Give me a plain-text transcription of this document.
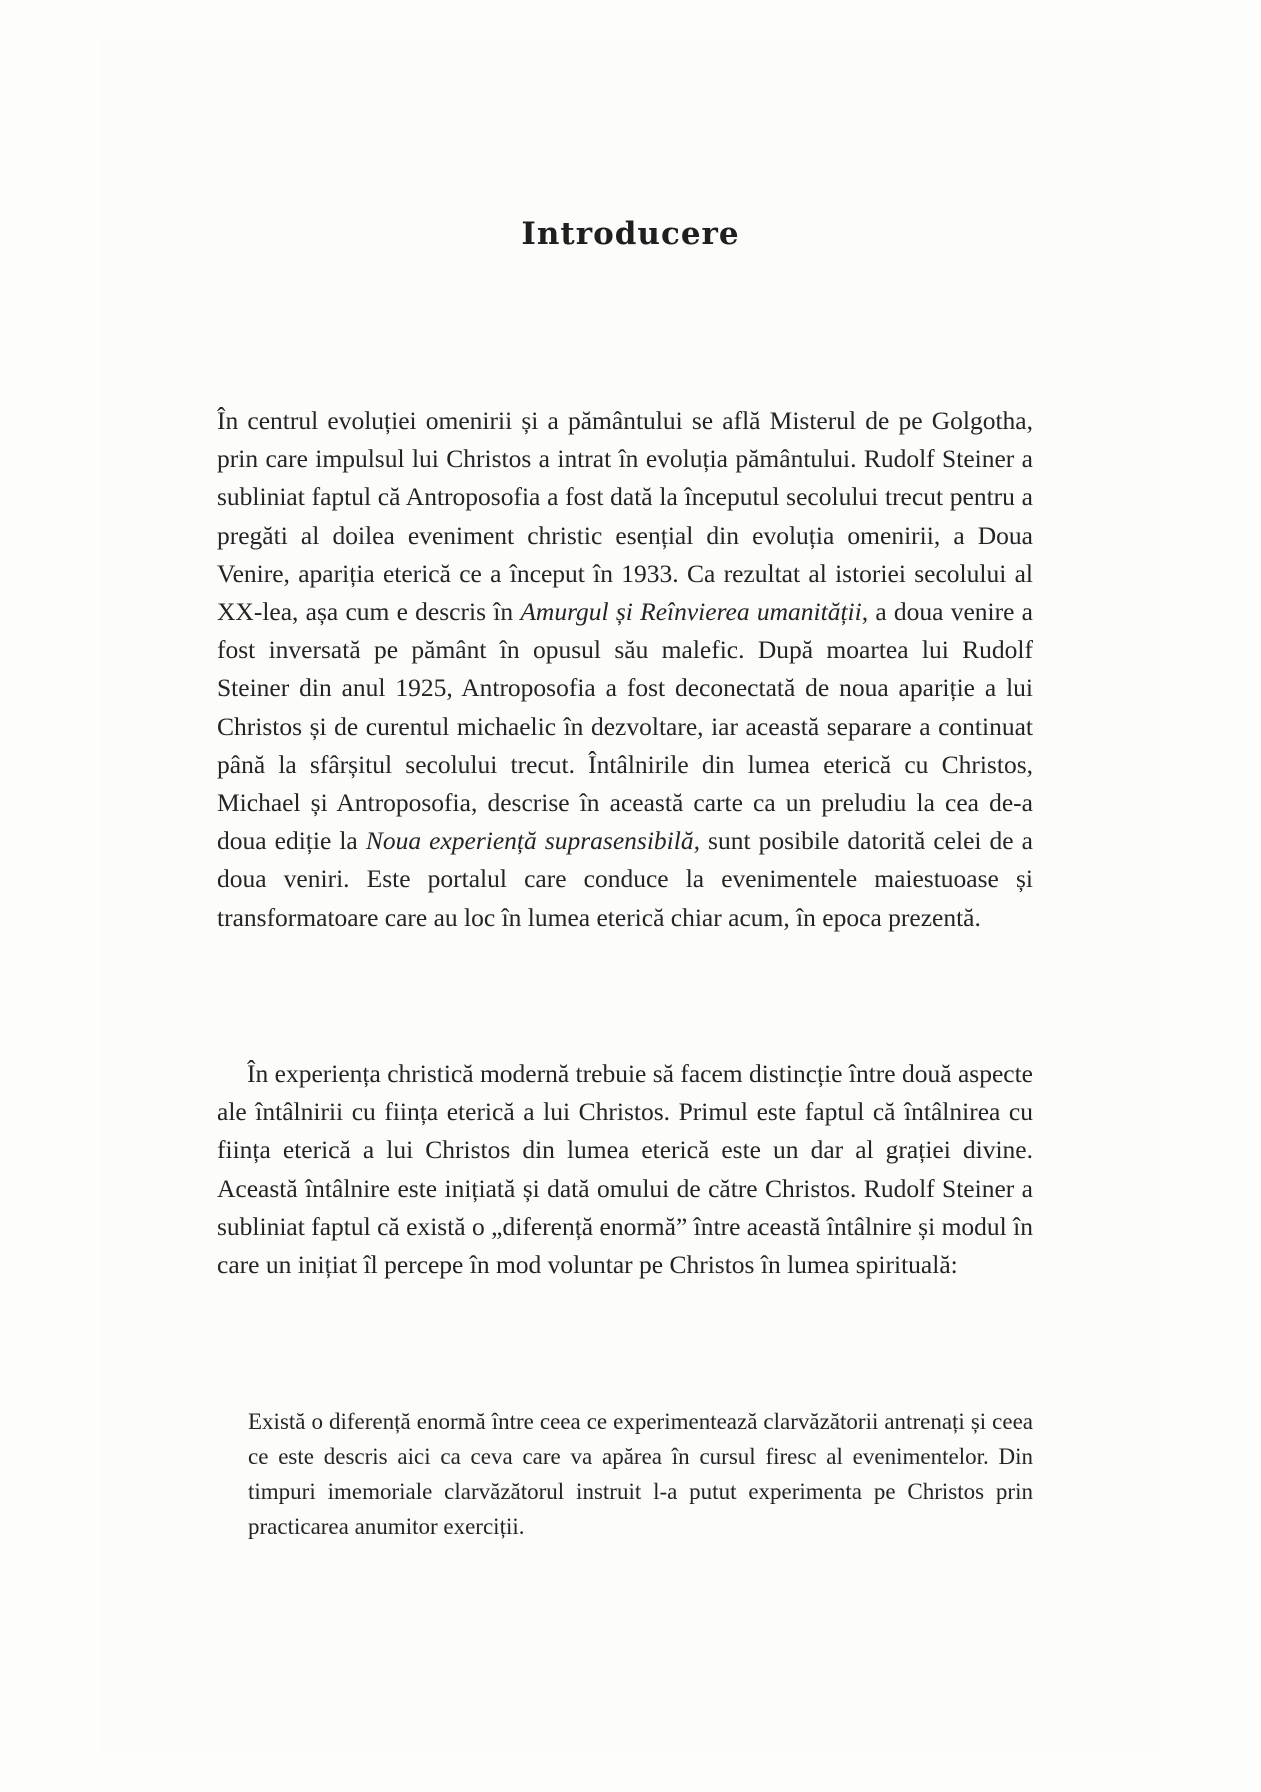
Introducere

În centrul evoluției omenirii și a pământului se află Misterul de pe Golgotha, prin care impulsul lui Christos a intrat în evoluția pământului. Rudolf Steiner a subliniat faptul că Antroposofia a fost dată la începutul secolului trecut pentru a pregăti al doilea eveniment christic esențial din evoluția omenirii, a Doua Venire, apariția eterică ce a început în 1933. Ca rezultat al istoriei secolului al XX-lea, așa cum e descris în Amurgul și Reînvierea umanității, a doua venire a fost inversată pe pământ în opusul său malefic. După moartea lui Rudolf Steiner din anul 1925, Antroposofia a fost deconectată de noua apariție a lui Christos și de curentul michaelic în dezvoltare, iar această separare a continuat până la sfârșitul secolului trecut. Întâlnirile din lumea eterică cu Christos, Michael și Antroposofia, descrise în această carte ca un preludiu la cea de-a doua ediție la Noua experiență suprasensibilă, sunt posibile datorită celei de a doua veniri. Este portalul care conduce la evenimentele maiestuoase și transformatoare care au loc în lumea eterică chiar acum, în epoca prezentă.

În experiența christică modernă trebuie să facem distincție între două aspecte ale întâlnirii cu ființa eterică a lui Christos. Primul este faptul că întâlnirea cu ființa eterică a lui Christos din lumea eterică este un dar al grației divine. Această întâlnire este inițiată și dată omului de către Christos. Rudolf Steiner a subliniat faptul că există o „diferență enormă” între această întâlnire și modul în care un inițiat îl percepe în mod voluntar pe Christos în lumea spirituală:

Există o diferență enormă între ceea ce experimentează clarvăzătorii antrenați și ceea ce este descris aici ca ceva care va apărea în cursul firesc al evenimentelor. Din timpuri imemoriale clarvăzătorul instruit l-a putut experimenta pe Christos prin practicarea anumitor exerciții.
